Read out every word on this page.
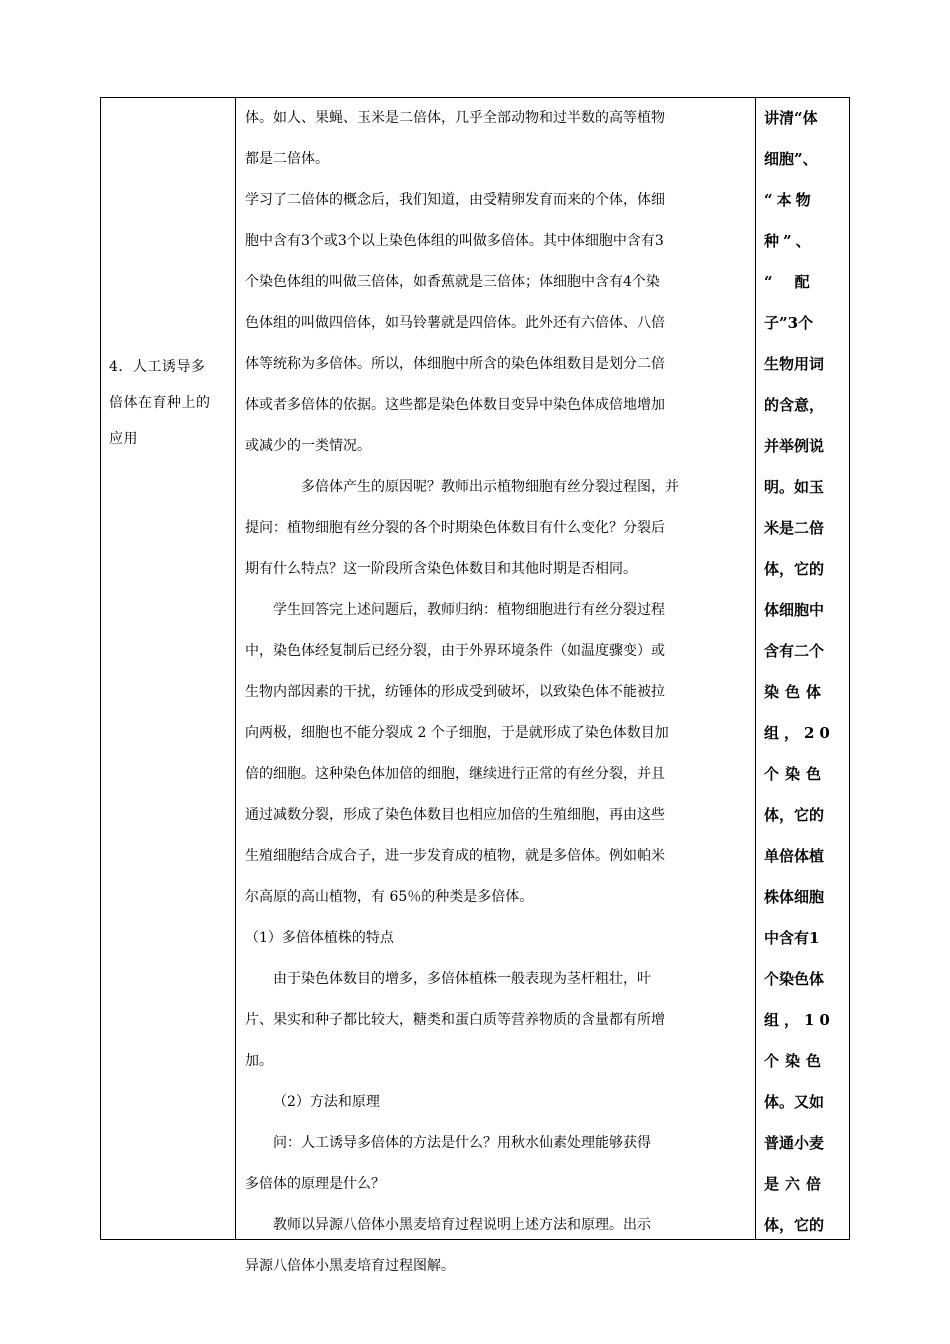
4．人工诱导多
倍体在育种上的
应用

体。如人、果蝇、玉米是二倍体，几乎全部动物和过半数的高等植物

都是二倍体。

学习了二倍体的概念后，我们知道，由受精卵发育而来的个体，体细

胞中含有3个或3个以上染色体组的叫做多倍体。其中体细胞中含有3

个染色体组的叫做三倍体，如香蕉就是三倍体；体细胞中含有4个染

色体组的叫做四倍体，如马铃薯就是四倍体。此外还有六倍体、八倍

体等统称为多倍体。所以，体细胞中所含的染色体组数目是划分二倍

体或者多倍体的依据。这些都是染色体数目变异中染色体成倍地增加

或减少的一类情况。

多倍体产生的原因呢？教师出示植物细胞有丝分裂过程图，并

提问：植物细胞有丝分裂的各个时期染色体数目有什么变化？分裂后

期有什么特点？这一阶段所含染色体数目和其他时期是否相同。

学生回答完上述问题后，教师归纳：植物细胞进行有丝分裂过程

中，染色体经复制后已经分裂，由于外界环境条件（如温度骤变）或

生物内部因素的干扰，纺锤体的形成受到破坏，以致染色体不能被拉

向两极，细胞也不能分裂成 2 个子细胞，于是就形成了染色体数目加

倍的细胞。这种染色体加倍的细胞，继续进行正常的有丝分裂，并且

通过减数分裂，形成了染色体数目也相应加倍的生殖细胞，再由这些

生殖细胞结合成合子，进一步发育成的植物，就是多倍体。例如帕米

尔高原的高山植物，有 65％的种类是多倍体。

（1）多倍体植株的特点

由于染色体数目的增多，多倍体植株一般表现为茎杆粗壮，叶

片、果实和种子都比较大，糖类和蛋白质等营养物质的含量都有所增

加。

（2）方法和原理

问：人工诱导多倍体的方法是什么？用秋水仙素处理能够获得

多倍体的原理是什么？

教师以异源八倍体小黑麦培育过程说明上述方法和原理。出示

异源八倍体小黑麦培育过程图解。

讲清“体

细胞”、

“本物

种”、

“配

子”3个

生物用词

的含意，

并举例说

明。如玉

米是二倍

体，它的

体细胞中

含有二个

染色体

组，20

个染色

体，它的

单倍体植

株体细胞

中含有1

个染色体

组，10

个染色

体。又如

普通小麦

是六倍

体，它的
